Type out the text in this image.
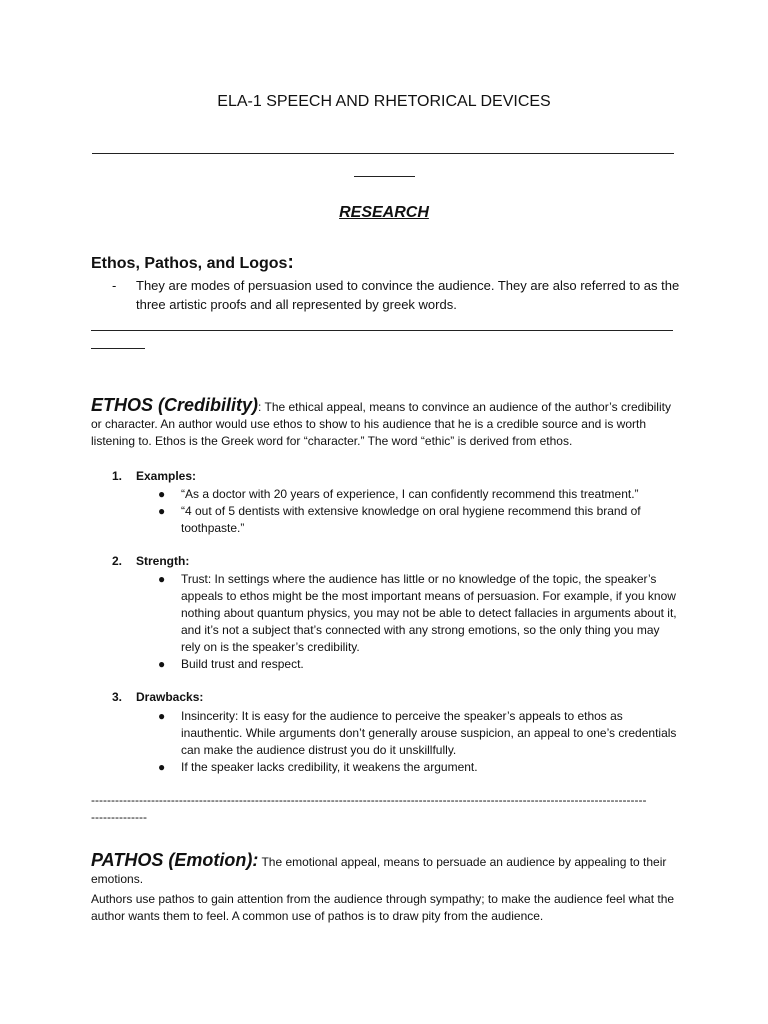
ELA-1 SPEECH AND RHETORICAL DEVICES
RESEARCH
Ethos, Pathos, and Logos:
-	They are modes of persuasion used to convince the audience. They are also referred to as the three artistic proofs and all represented by greek words.
ETHOS (Credibility): The ethical appeal, means to convince an audience of the author’s credibility or character. An author would use ethos to show to his audience that he is a credible source and is worth listening to. Ethos is the Greek word for “character.” The word “ethic” is derived from ethos.
1. Examples:
●	“As a doctor with 20 years of experience, I can confidently recommend this treatment.”
●	“4 out of 5 dentists with extensive knowledge on oral hygiene recommend this brand of toothpaste.”
2. Strength:
●	Trust: In settings where the audience has little or no knowledge of the topic, the speaker’s appeals to ethos might be the most important means of persuasion. For example, if you know nothing about quantum physics, you may not be able to detect fallacies in arguments about it, and it’s not a subject that’s connected with any strong emotions, so the only thing you may rely on is the speaker’s credibility.
●	Build trust and respect.
3. Drawbacks:
●	Insincerity: It is easy for the audience to perceive the speaker’s appeals to ethos as inauthentic. While arguments don’t generally arouse suspicion, an appeal to one’s credentials can make the audience distrust you do it unskillfully.
●	If the speaker lacks credibility, it weakens the argument.
-------------------------------------------------------------------------------------------------------------------------------------------
--------------
PATHOS (Emotion): The emotional appeal, means to persuade an audience by appealing to their emotions.
Authors use pathos to gain attention from the audience through sympathy; to make the audience feel what the author wants them to feel. A common use of pathos is to draw pity from the audience.
